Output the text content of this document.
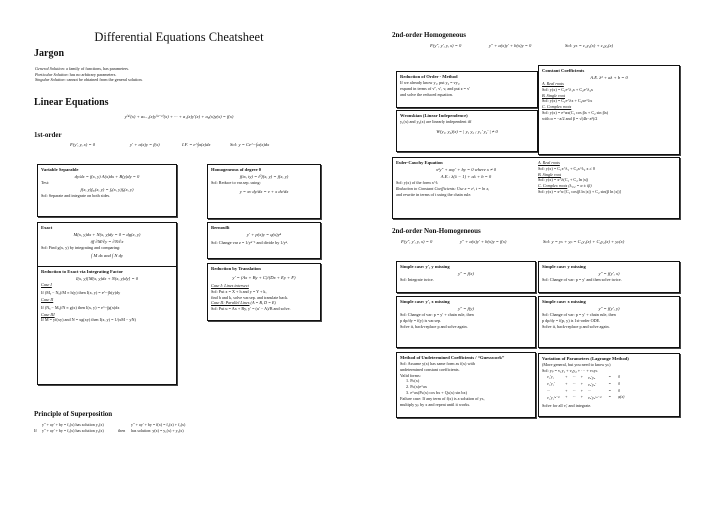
Differential Equations Cheatsheet
Jargon
General Solution: a family of functions, has parameters.
Particular Solution: has no arbitrary parameters.
Singular Solution: cannot be obtained from the general solution.
Linear Equations
y⁽ⁿ⁾(x) + aₙ₋₁(x)y⁽ⁿ⁻¹⁾(x) + ··· + a₁(x)y′(x) + a₀(x)y(x) = f(x)
1st-order
F(y′, y, x) = 0	y′ + a(x)y = f(x)	I.F. = e^∫a(x)dx	Sol: y = Ce^−∫a(x)dx
Variable Separable
dy/dx = f(x, y) A(x)dx + B(y)dy = 0
Test:
f(x, y)fₓᵧ(x, y) = fₓ(x, y)fᵧ(x, y)
Sol: Separate and integrate on both sides.
Exact
M(x, y)dx + N(x, y)dy = 0 = dg(x, y)
iff ∂M/∂y = ∂N/∂x
Sol: Find g(x, y) by integrating and comparing:
∫ M dx and ∫ N dy
Reduction to Exact via Integrating Factor
I(x, y)[M(x, y)dx + N(x, y)dy] = 0
Case I
If (Mᵧ − Nₓ)/M ≡ h(y) then I(x, y) = e^−∫h(y)dy
Case II
If (Nₓ − Mᵧ)/N ≡ g(x) then I(x, y) = e^−∫g(x)dx
Case III
If M = yf(xy) and N = xg(xy) then I(x, y) = 1/(xM − yN)
Homogeneous of degree 0
f(tx, ty) = t⁰f(x, y) = f(x, y)
Sol: Reduce to var.sep. using:
y = xv dy/dx = v + x dv/dx
Bernoulli
y′ + p(x)y = q(x)yⁿ
Sol: Change var z = 1/yⁿ⁻¹ and divide by 1/yⁿ.
Reduction by Translation
y′ = (Ax + By + C)/(Dx + Ey + F)
Case I: Lines intersect
Sol: Put x = X + h and y = Y + k,
find h and k, solve var.sep. and translate back.
Case II: Parallel Lines (A = B, D = E)
Sol: Put u = Ax + By, y′ = (u′ − A)/B and solve.
Principle of Superposition
If
y″ + ay′ + by = f₁(x) has solution y₁(x)
y″ + ay′ + by = f₂(x) has solution y₂(x)	then
y″ + ay′ + by = f(x) = f₁(x) + f₂(x)
has solution: y(x) = y₁(x) + y₂(x)
2nd-order Homogeneous
F(y″, y′, y, x) = 0	y″ + a(x)y′ + b(x)y = 0	Sol: yₕ = c₁y₁(x) + c₂y₂(x)
Reduction of Order - Method
If we already know y₁, put y₂ = vy₁,
expand in terms of v″, v′, v, and put z = v′
and solve the reduced equation.
Wronskian (Linear Independence)
y₁(x) and y₂(x) are linearly independent iff
W(y₁, y₂)(x) = | y₁ y₂ ; y₁′ y₂′ | ≠ 0
Constant Coefficients
A.E. λ² + aλ + b = 0
A. Real roots
Sol: y(x) = C₁e^λ₁x + C₂e^λ₂x
B. Single root
Sol: y(x) = C₁e^λx + C₂xe^λx
C. Complex roots
Sol: y(x) = e^αx(C₁ cos βx + C₂ sin βx)
with α = −a/2 and β = √(4b−a²)/2
Euler-Cauchy Equation
x²y″ + axy′ + by = 0 where x ≠ 0
A.E.: λ(λ − 1) + aλ + b = 0
Sol: y(x) of the form x^λ
Reduction to Constant Coefficients: Use x = eᵗ, t = ln x,
and rewrite in terms of t using the chain rule.
A. Real roots
Sol: y(x) = C₁x^λ₁ + C₂x^λ₂ x ≠ 0
B. Single root
Sol: y(x) = x^λ(C₁ + C₂ ln |x|)
C. Complex roots (λ₁,₂ = α ± iβ)
Sol: y(x) = x^α [C₁ cos(β ln |x|) + C₂ sin(β ln |x|)]
2nd-order Non-Homogeneous
F(y″, y′, y, x) = 0	y″ + a(x)y′ + b(x)y = f(x)	Sol: y = yₕ + yₚ = C₁y₁(x) + C₂y₂(x) + yₚ(x)
Simple case: y′, y missing
y″ = f(x)
Sol: Integrate twice.
Simple case: y missing
y″ = f(y′, x)
Sol: Change of var: p = y′ and then solve twice.
Simple case: y′, x missing
y″ = f(y)
Sol: Change of var: p = y′ + chain rule, then
p dp/dy = f(y) is var.sep.
Solve it, back-replace p and solve again.
Simple case: x missing
y″ = f(y′, y)
Sol: Change of var: p = y′ + chain rule, then
p dp/dy = f(p, y) is 1st-order ODE.
Solve it, back-replace p and solve again.
Method of Undetermined Coefficients / “Guesswork”
Sol: Assume y(x) has same form as f(x) with
undetermined constant coefficients.
Valid forms:
1. Pₙ(x)
2. Pₙ(x)e^ax
3. e^ax(Pₙ(x) cos bx + Qₙ(x) sin bx)
Failure case: If any term of f(x) is a solution of yₕ,
multiply yₚ by x and repeat until it works.
Variation of Parameters (Lagrange Method)
(More general, but you need to know yₕ)
Sol: yₚ = v₁y₁ + v₂y₂ + ··· + vₙyₙ
v₁′y₁	+	···	+	vₙ′yₙ	=	0
v₁′y₁′	+	···	+	vₙ′yₙ′	=	0
···	+	···	+	···	=	0
v₁′y₁⁽ⁿ⁻¹⁾	+	···	+	vₙ′yₙ⁽ⁿ⁻¹⁾	=	φ(x)
Solve for all vᵢ′ and integrate.
